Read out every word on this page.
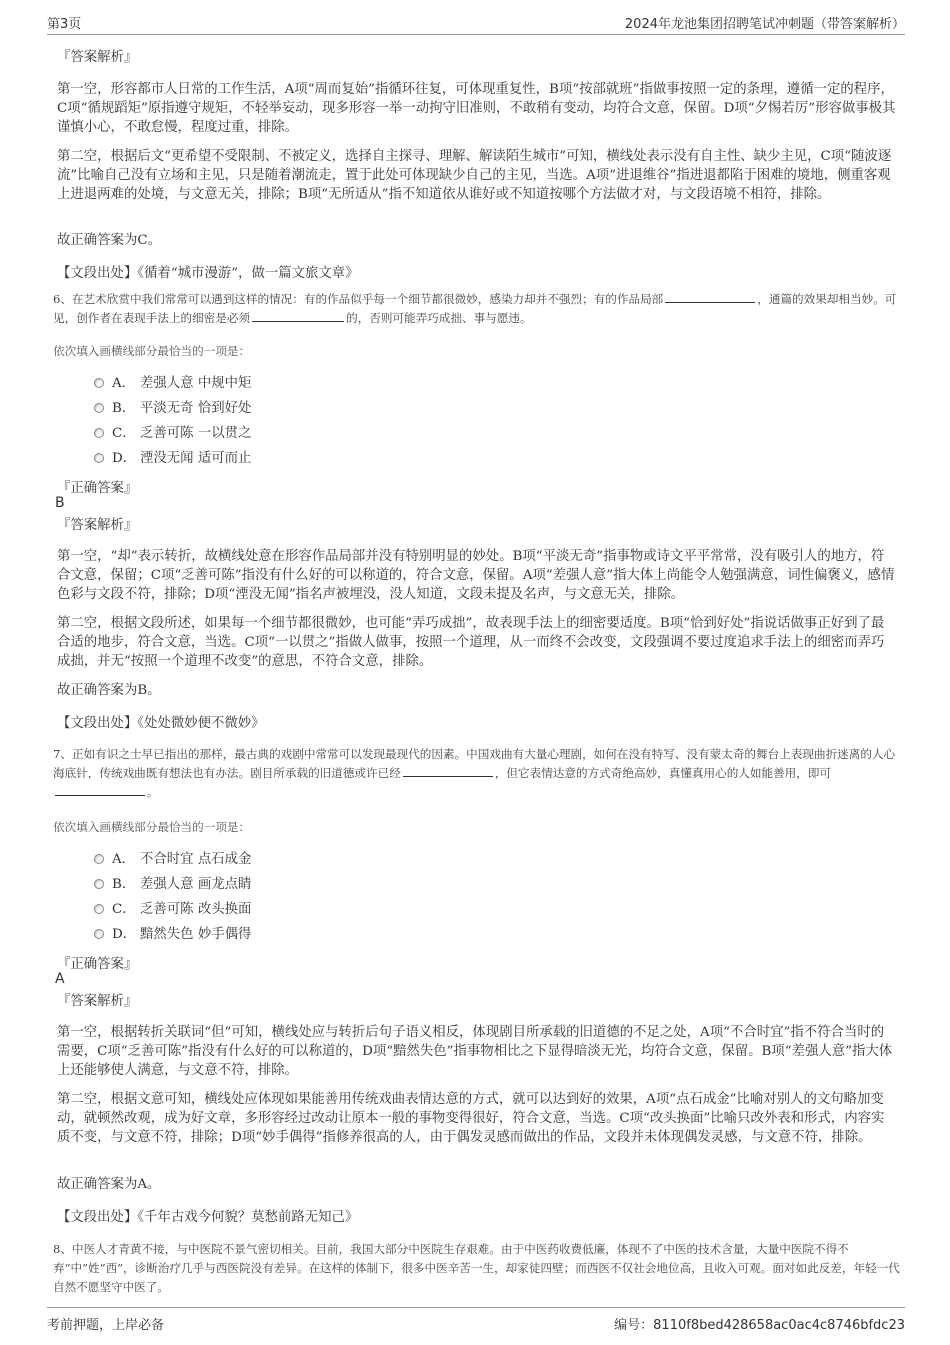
第3页	2024年龙池集团招聘笔试冲刺题（带答案解析）
『答案解析』
第一空，形容都市人日常的工作生活，A项“周而复始”指循环往复，可体现重复性，B项“按部就班”指做事按照一定的条理，遵循一定的程序，C项“循规蹈矩”原指遵守规矩，不轻举妄动，现多形容一举一动拘守旧准则，不敢稍有变动，均符合文意，保留。D项“夕惕若厉”形容做事极其谨慎小心，不敢怠慢，程度过重，排除。
第二空，根据后文“更希望不受限制、不被定义，选择自主探寻、理解、解读陌生城市”可知，横线处表示没有自主性、缺少主见，C项“随波逐流”比喻自己没有立场和主见，只是随着潮流走，置于此处可体现缺少自己的主见，当选。A项“进退维谷”指进退都陷于困难的境地，侧重客观上进退两难的处境，与文意无关，排除；B项“无所适从”指不知道依从谁好或不知道按哪个方法做才对，与文段语境不相符，排除。
故正确答案为C。
【文段出处】《循着“城市漫游”，做一篇文旅文章》
6、在艺术欣赏中我们常常可以遇到这样的情况：有的作品似乎每一个细节都很微妙，感染力却并不强烈；有的作品局部	，通篇的效果却相当妙。可见，创作者在表现手法上的细密是必须	的，否则可能弄巧成拙、事与愿违。
依次填入画横线部分最恰当的一项是：
A． 差强人意 中规中矩
B． 平淡无奇 恰到好处
C． 乏善可陈 一以贯之
D． 湮没无闻 适可而止
『正确答案』
B
『答案解析』
第一空，“却”表示转折，故横线处意在形容作品局部并没有特别明显的妙处。B项“平淡无奇”指事物或诗文平平常常，没有吸引人的地方，符合文意，保留；C项“乏善可陈”指没有什么好的可以称道的，符合文意，保留。A项“差强人意”指大体上尚能令人勉强满意，词性偏褒义，感情色彩与文段不符，排除；D项“湮没无闻”指名声被埋没，没人知道，文段未提及名声，与文意无关，排除。
第二空，根据文段所述，如果每一个细节都很微妙，也可能“弄巧成拙”，故表现手法上的细密要适度。B项“恰到好处”指说话做事正好到了最合适的地步，符合文意，当选。C项“一以贯之”指做人做事，按照一个道理，从一而终不会改变，文段强调不要过度追求手法上的细密而弄巧成拙，并无“按照一个道理不改变”的意思，不符合文意，排除。
故正确答案为B。
【文段出处】《处处微妙便不微妙》
7、正如有识之士早已指出的那样，最古典的戏剧中常常可以发现最现代的因素。中国戏曲有大量心理剧，如何在没有特写、没有蒙太奇的舞台上表现曲折迷离的人心海底针，传统戏曲既有想法也有办法。剧目所承载的旧道德或许已经	，但它表情达意的方式奇绝高妙，真懂真用心的人如能善用，即可。
依次填入画横线部分最恰当的一项是：
A． 不合时宜 点石成金
B． 差强人意 画龙点睛
C． 乏善可陈 改头换面
D． 黯然失色 妙手偶得
『正确答案』
A
『答案解析』
第一空，根据转折关联词“但”可知，横线处应与转折后句子语义相反，体现剧目所承载的旧道德的不足之处，A项“不合时宜”指不符合当时的需要，C项“乏善可陈”指没有什么好的可以称道的，D项“黯然失色”指事物相比之下显得暗淡无光，均符合文意，保留。B项“差强人意”指大体上还能够使人满意，与文意不符，排除。
第二空，根据文意可知，横线处应体现如果能善用传统戏曲表情达意的方式，就可以达到好的效果，A项“点石成金”比喻对别人的文句略加变动，就顿然改观，成为好文章，多形容经过改动让原本一般的事物变得很好，符合文意，当选。C项“改头换面”比喻只改外表和形式，内容实质不变，与文意不符，排除；D项“妙手偶得”指修养很高的人，由于偶发灵感而做出的作品，文段并未体现偶发灵感，与文意不符，排除。
故正确答案为A。
【文段出处】《千年古戏今何貌？莫愁前路无知己》
8、中医人才青黄不接，与中医院不景气密切相关。目前，我国大部分中医院生存艰难。由于中医药收费低廉，体现不了中医的技术含量，大量中医院不得不弃“中”姓“西”，诊断治疗几乎与西医院没有差异。在这样的体制下，很多中医辛苦一生，却家徒四壁；而西医不仅社会地位高，且收入可观。面对如此反差，年轻一代自然不愿坚守中医了。
考前押题，上岸必备	编号：8110f8bed428658ac0ac4c8746bfdc23
